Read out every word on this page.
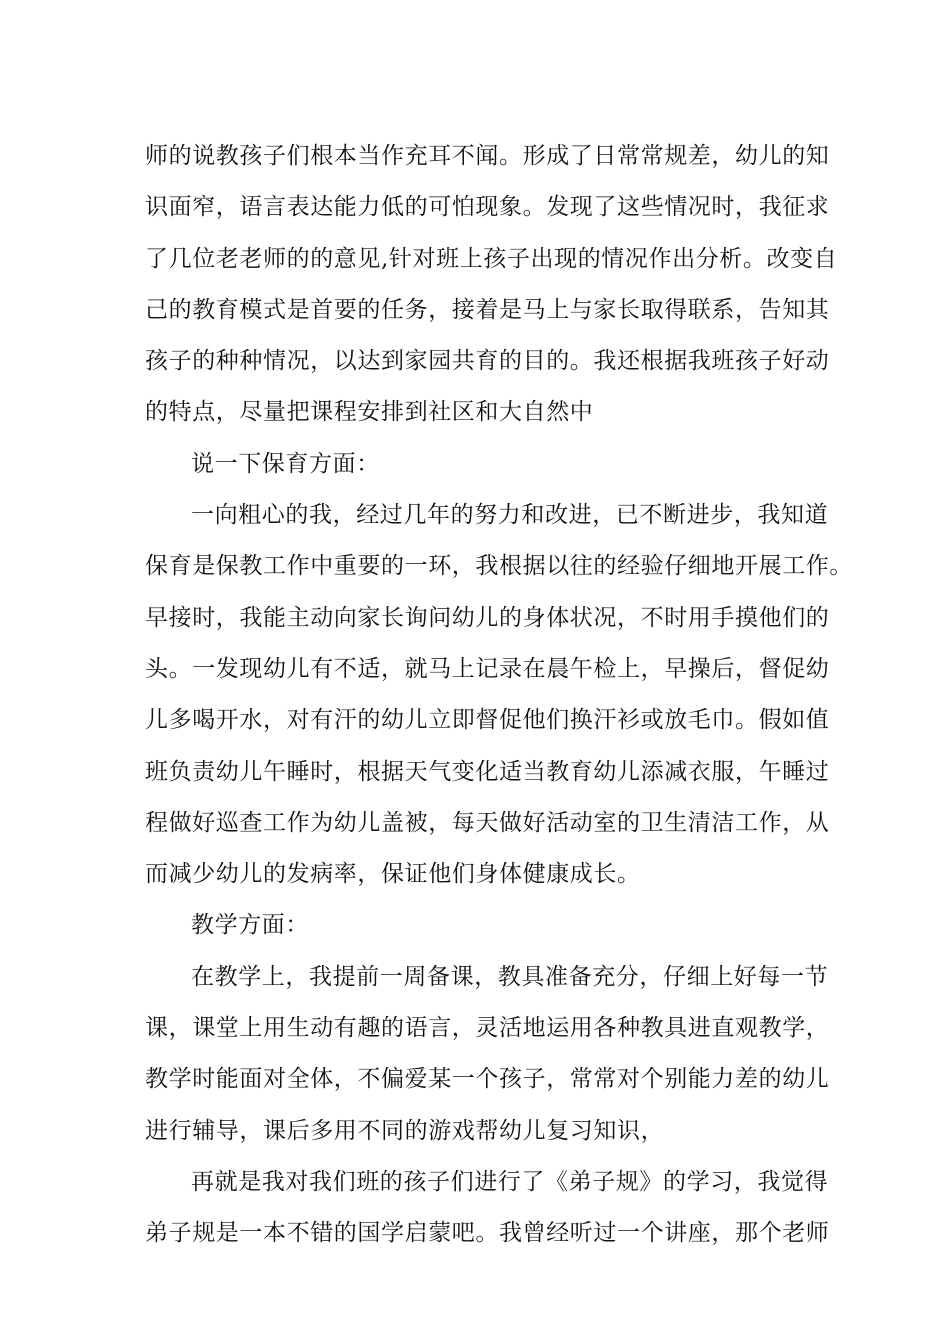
师的说教孩子们根本当作充耳不闻。形成了日常常规差，幼儿的知
识面窄，语言表达能力低的可怕现象。发现了这些情况时，我征求
了几位老老师的的意见,针对班上孩子出现的情况作出分析。改变自
己的教育模式是首要的任务，接着是马上与家长取得联系，告知其
孩子的种种情况，以达到家园共育的目的。我还根据我班孩子好动
的特点，尽量把课程安排到社区和大自然中
说一下保育方面：
一向粗心的我，经过几年的努力和改进，已不断进步，我知道
保育是保教工作中重要的一环，我根据以往的经验仔细地开展工作。
早接时，我能主动向家长询问幼儿的身体状况，不时用手摸他们的
头。一发现幼儿有不适，就马上记录在晨午检上，早操后，督促幼
儿多喝开水，对有汗的幼儿立即督促他们换汗衫或放毛巾。假如值
班负责幼儿午睡时，根据天气变化适当教育幼儿添减衣服，午睡过
程做好巡查工作为幼儿盖被，每天做好活动室的卫生清洁工作，从
而减少幼儿的发病率，保证他们身体健康成长。
教学方面：
在教学上，我提前一周备课，教具准备充分，仔细上好每一节
课，课堂上用生动有趣的语言，灵活地运用各种教具进直观教学，
教学时能面对全体，不偏爱某一个孩子，常常对个别能力差的幼儿
进行辅导，课后多用不同的游戏帮幼儿复习知识，
再就是我对我们班的孩子们进行了《弟子规》的学习，我觉得
弟子规是一本不错的国学启蒙吧。我曾经听过一个讲座，那个老师
